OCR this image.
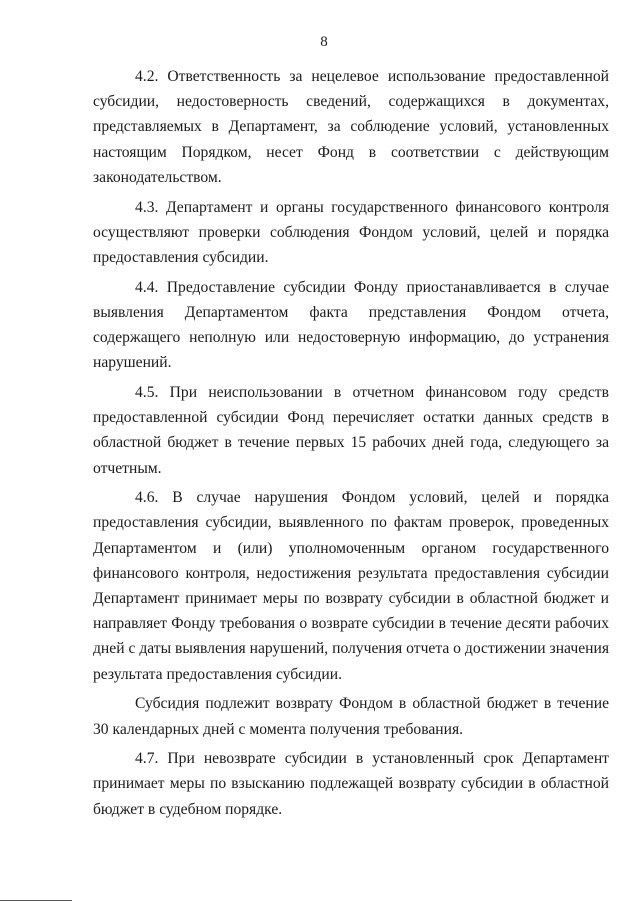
8

4.2. Ответственность за нецелевое использование предоставленной субсидии, недостоверность сведений, содержащихся в документах, представляемых в Департамент, за соблюдение условий, установленных настоящим Порядком, несет Фонд в соответствии с действующим законодательством.

4.3. Департамент и органы государственного финансового контроля осуществляют проверки соблюдения Фондом условий, целей и порядка предоставления субсидии.

4.4. Предоставление субсидии Фонду приостанавливается в случае выявления Департаментом факта представления Фондом отчета, содержащего неполную или недостоверную информацию, до устранения нарушений.

4.5. При неиспользовании в отчетном финансовом году средств предоставленной субсидии Фонд перечисляет остатки данных средств в областной бюджет в течение первых 15 рабочих дней года, следующего за отчетным.

4.6. В случае нарушения Фондом условий, целей и порядка предоставления субсидии, выявленного по фактам проверок, проведенных Департаментом и (или) уполномоченным органом государственного финансового контроля, недостижения результата предоставления субсидии Департамент принимает меры по возврату субсидии в областной бюджет и направляет Фонду требования о возврате субсидии в течение десяти рабочих дней с даты выявления нарушений, получения отчета о достижении значения результата предоставления субсидии.

Субсидия подлежит возврату Фондом в областной бюджет в течение 30 календарных дней с момента получения требования.

4.7. При невозврате субсидии в установленный срок Департамент принимает меры по взысканию подлежащей возврату субсидии в областной бюджет в судебном порядке.
